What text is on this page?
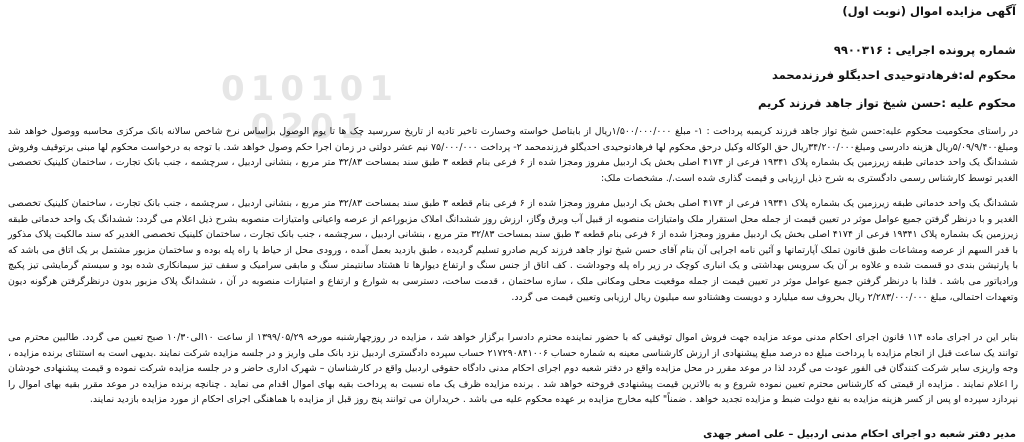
010101
0201

آگهی مزایده اموال (نوبت اول)

شماره پرونده اجرایی : ۹۹۰۰۳۱۶

محکوم له:فرهادتوحیدی احدیگلو فرزندمحمد

محکوم علیه :حسن شیخ تواز جاهد فرزند کریم

در راستای محکومیت محکوم علیه:حسن شیخ تواز جاهد فرزند کریمبه پرداخت : ۱- مبلغ ۱/۵۰۰/۰۰۰/۰۰۰ریال از بابتاصل خواسته وخسارت تاخیر تادیه از تاریخ سررسید چک ها تا یوم الوصول براساس نرخ شاخص سالانه بانک مرکزی محاسبه ووصول خواهد شد ومبلغ۵/۰۹/۹/۴۰۰ریال هزینه دادرسی ومبلغ۳۴/۲۰۰/۰۰۰ریال حق الوکاله وکیل درحق محکوم لها فرهادتوحیدی احدیگلو فرزندمحمد ۲- پرداخت ۷۵/۰۰۰/۰۰۰ نیم عشر دولتی در زمان اجرا حکم وصول خواهد شد. با توجه به درخواست محکوم لها مبنی برتوقیف وفروش ششدانگ یک واحد خدماتی طبقه زیرزمین یک بشماره پلاک ۱۹۳۴۱ فرعی از ۴۱۷۴ اصلی بخش یک اردبیل مفروز ومجزا شده از ۶ فرعی بنام قطعه ۳ طبق سند بمساحت ۳۲/۸۳ متر مربع ، بنشانی اردبیل ، سرچشمه ، جنب بانک تجارت ، ساختمان کلینیک تخصصی الغدیر توسط کارشناس رسمی دادگستری به شرح ذیل ارزیابی و قیمت گذاری شده است./. مشخصات ملک:

ششدانگ یک واحد خدماتی طبقه زیرزمین یک بشماره پلاک ۱۹۳۴۱ فرعی از ۴۱۷۴ اصلی بخش یک اردبیل مفروز ومجزا شده از ۶ فرعی بنام قطعه ۳ طبق سند بمساحت ۳۲/۸۳ متر مربع ، بنشانی اردبیل ، سرچشمه ، جنب بانک تجارت ، ساختمان کلینیک تخصصی الغدیر و با درنظر گرفتن جمیع عوامل موثر در تعیین قیمت از جمله محل استقرار ملک وامتیازات منصوبه از قبیل آب وبرق وگاز، ارزش روز ششدانگ املاک مزبوراعم از عرصه واعیانی وامتیازات منصوبه بشرح ذیل اعلام می گردد: ششدانگ یک واحد خدماتی طبقه زیرزمین یک بشماره پلاک ۱۹۳۴۱ فرعی از ۴۱۷۴ اصلی بخش یک اردبیل مفروز ومجزا شده از ۶ فرعی بنام قطعه ۳ طبق سند بمساحت ۳۲/۸۳ متر مربع ، بنشانی اردبیل ، سرچشمه ، جنب بانک تجارت ، ساختمان کلینیک تخصصی الغدیر که سند مالکیت پلاک مذکور با قدر السهم از عرصه ومشاعات طبق قانون تملک آپارتمانها و آئین نامه اجرایی آن بنام آقای حسن شیخ تواز جاهد فرزند کریم صادرو تسلیم گردیده ، طبق بازدید بعمل آمده ، ورودی محل از حیاط یا راه پله بوده و ساختمان مزبور مشتمل بر یک اتاق می باشد که با پارتیشن بندی دو قسمت شده و علاوه بر آن یک سرویس بهداشتی و یک انباری کوچک در زیر راه پله وجوداشت . کف اتاق از جنس سنگ و ارتفاع دیوارها تا هشتاد سانتیمتر سنگ و مابقی سرامیک و سقف تیز سیمانکاری شده بود و سیستم گرمایشی تیز پکیچ ورادیاتور می باشد . فلذا با درنظر گرفتن جمیع عوامل موثر در تعیین قیمت از جمله موقعیت محلی ومکانی ملک ، سازه ساختمان ، قدمت ساخت، دسترسی به شوارع و ارتفاع و امتیازات منصوبه در آن ، ششدانگ پلاک مزبور بدون درنظرگرفتن هرگونه دیون وتعهدات احتمالی، مبلغ ۲/۲۸۳/۰۰۰/۰۰۰ ریال بحروف سه میلیارد و دویست وهشتادو سه میلیون ریال ارزیابی وتعیین قیمت می گردد.

بنابر این در اجرای ماده ۱۱۴ قانون اجرای احکام مدنی موعد مزایده جهت فروش اموال توقیفی که با حضور نماینده محترم دادسرا برگزار خواهد شد ، مزایده در روزچهارشنبه مورخه ۱۳۹۹/۰۵/۲۹ از ساعت ۱۰الی۱۰/۳۰ صبح تعیین می گردد. طالبین محترم می توانند یک ساعت قبل از انجام مزایده با پرداخت مبلغ ده درصد مبلغ پیشنهادی از ارزش کارشناسی معینه به شماره حساب ۲۱۷۲۹۰۸۴۱۰۰۶ حساب سپرده دادگستری اردبیل نزد بانک ملی واریز و در جلسه مزایده شرکت نمایند .بدیهی است به استثنای برنده مزایده ، وجه واریزی سایر شرکت کنندگان فی الفور عودت می گردد لذا در موعد مقرر در محل مزایده واقع در دفتر شعبه دوم اجرای احکام مدنی دادگاه حقوقی اردبیل واقع در کارشناسان – شهرک اداری حاضر و در جلسه مزایده شرکت نموده و قیمت پیشنهادی خودشان را اعلام نمایند . مزایده از قیمتی که کارشناس محترم تعیین نموده شروع و به بالاترین قیمت پیشنهادی فروخته خواهد شد . برنده مزایده ظرف یک ماه نسبت به پرداخت بقیه بهای اموال اقدام می نماید . چنانچه برنده مزایده در موعد مقرر بقیه بهای اموال را نپردازد سپرده او پس از کسر هزینه مزایده به نفع دولت ضبط و مزایده تجدید خواهد . ضمناً" کلیه مخارج مزایده بر عهده محکوم علیه می باشد . خریداران می توانند پنج روز قبل از مزایده با هماهنگی اجرای احکام از مورد مزایده بازدید نمایند.

مدیر دفتر شعبه دو اجرای احکام مدنی اردبیل – علی اصغر جهدی
